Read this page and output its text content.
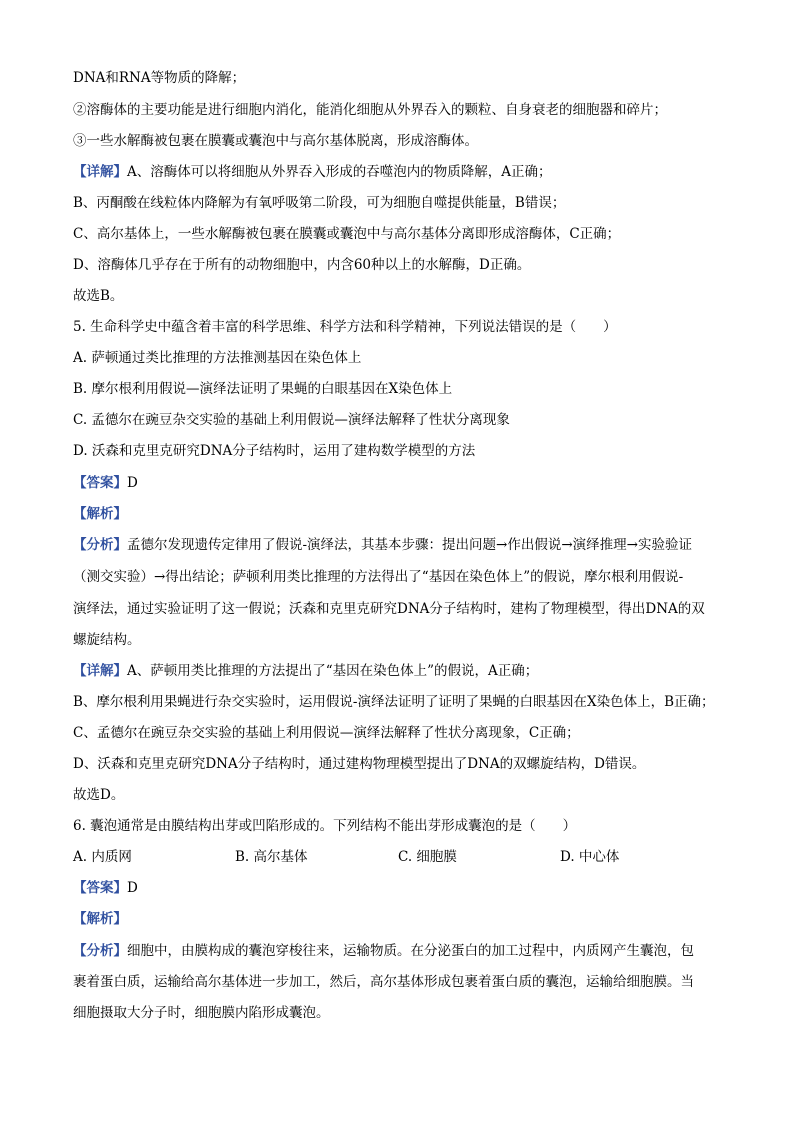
DNA和RNA等物质的降解；
②溶酶体的主要功能是进行细胞内消化，能消化细胞从外界吞入的颗粒、自身衰老的细胞器和碎片；
③一些水解酶被包裹在膜囊或囊泡中与高尔基体脱离，形成溶酶体。
【详解】A、溶酶体可以将细胞从外界吞入形成的吞噬泡内的物质降解，A正确；
B、丙酮酸在线粒体内降解为有氧呼吸第二阶段，可为细胞自噬提供能量，B错误；
C、高尔基体上，一些水解酶被包裹在膜囊或囊泡中与高尔基体分离即形成溶酶体，C正确；
D、溶酶体几乎存在于所有的动物细胞中，内含60种以上的水解酶，D正确。
故选B。
5. 生命科学史中蕴含着丰富的科学思维、科学方法和科学精神，下列说法错误的是（　　）
A. 萨顿通过类比推理的方法推测基因在染色体上
B. 摩尔根利用假说—演绎法证明了果蝇的白眼基因在X染色体上
C. 孟德尔在豌豆杂交实验的基础上利用假说—演绎法解释了性状分离现象
D. 沃森和克里克研究DNA分子结构时，运用了建构数学模型的方法
【答案】D
【解析】
【分析】孟德尔发现遗传定律用了假说-演绎法，其基本步骤：提出问题→作出假说→演绎推理→实验验证
（测交实验）→得出结论；萨顿利用类比推理的方法得出了“基因在染色体上”的假说，摩尔根利用假说-
演绎法，通过实验证明了这一假说；沃森和克里克研究DNA分子结构时，建构了物理模型，得出DNA的双
螺旋结构。
【详解】A、萨顿用类比推理的方法提出了“基因在染色体上”的假说，A正确；
B、摩尔根利用果蝇进行杂交实验时，运用假说-演绎法证明了证明了果蝇的白眼基因在X染色体上，B正确；
C、孟德尔在豌豆杂交实验的基础上利用假说—演绎法解释了性状分离现象，C正确；
D、沃森和克里克研究DNA分子结构时，通过建构物理模型提出了DNA的双螺旋结构，D错误。
故选D。
6. 囊泡通常是由膜结构出芽或凹陷形成的。下列结构不能出芽形成囊泡的是（　　）
A. 内质网	B. 高尔基体	C. 细胞膜	D. 中心体
【答案】D
【解析】
【分析】细胞中，由膜构成的囊泡穿梭往来，运输物质。在分泌蛋白的加工过程中，内质网产生囊泡，包
裹着蛋白质，运输给高尔基体进一步加工，然后，高尔基体形成包裹着蛋白质的囊泡，运输给细胞膜。当
细胞摄取大分子时，细胞膜内陷形成囊泡。
